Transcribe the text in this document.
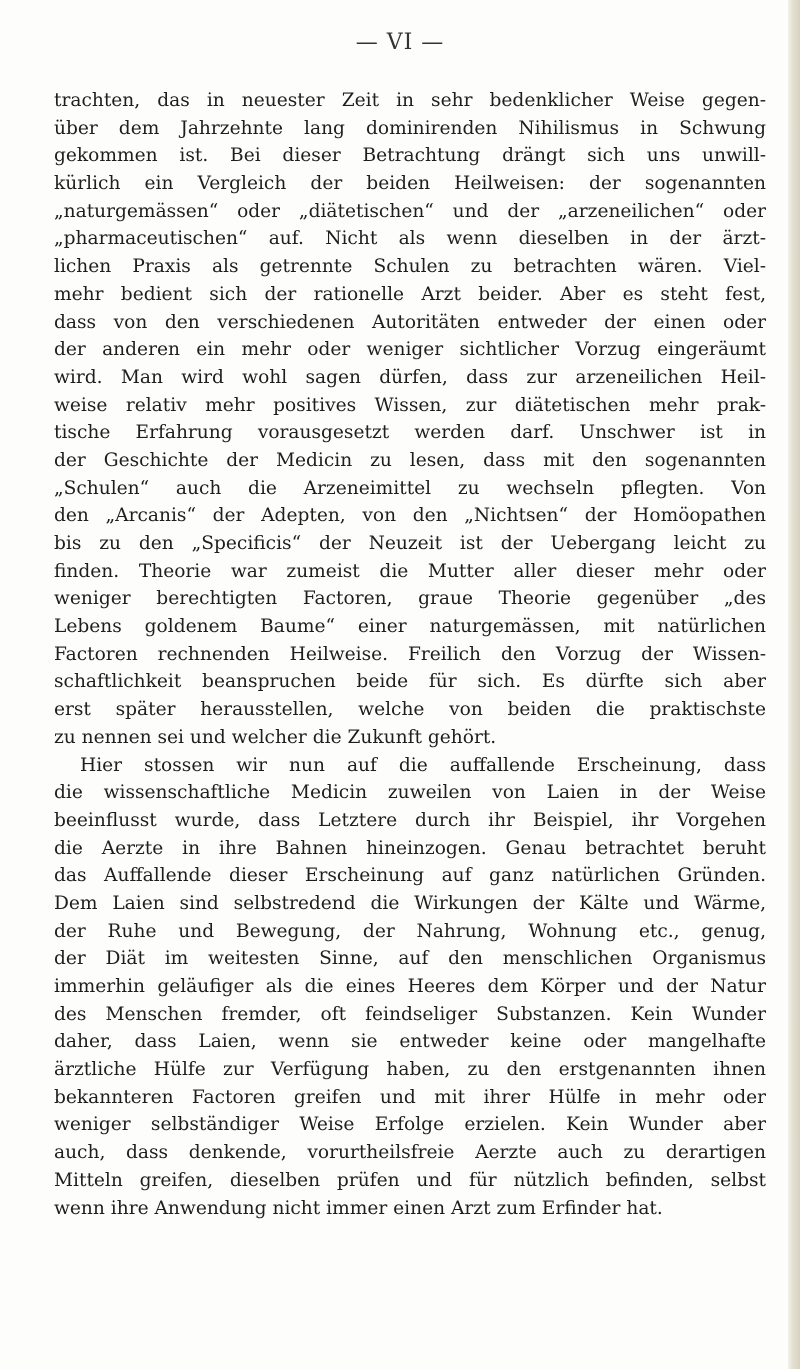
— VI —
trachten, das in neuester Zeit in sehr bedenklicher Weise gegen-
über dem Jahrzehnte lang dominirenden Nihilismus in Schwung
gekommen ist. Bei dieser Betrachtung drängt sich uns unwill-
kürlich ein Vergleich der beiden Heilweisen: der sogenannten
„naturgemässen“ oder „diätetischen“ und der „arzeneilichen“ oder
„pharmaceutischen“ auf. Nicht als wenn dieselben in der ärzt-
lichen Praxis als getrennte Schulen zu betrachten wären. Viel-
mehr bedient sich der rationelle Arzt beider. Aber es steht fest,
dass von den verschiedenen Autoritäten entweder der einen oder
der anderen ein mehr oder weniger sichtlicher Vorzug eingeräumt
wird. Man wird wohl sagen dürfen, dass zur arzeneilichen Heil-
weise relativ mehr positives Wissen, zur diätetischen mehr prak-
tische Erfahrung vorausgesetzt werden darf. Unschwer ist in
der Geschichte der Medicin zu lesen, dass mit den sogenannten
„Schulen“ auch die Arzeneimittel zu wechseln pflegten. Von
den „Arcanis“ der Adepten, von den „Nichtsen“ der Homöopathen
bis zu den „Specificis“ der Neuzeit ist der Uebergang leicht zu
finden. Theorie war zumeist die Mutter aller dieser mehr oder
weniger berechtigten Factoren, graue Theorie gegenüber „des
Lebens goldenem Baume“ einer naturgemässen, mit natürlichen
Factoren rechnenden Heilweise. Freilich den Vorzug der Wissen-
schaftlichkeit beanspruchen beide für sich. Es dürfte sich aber
erst später herausstellen, welche von beiden die praktischste
zu nennen sei und welcher die Zukunft gehört.
Hier stossen wir nun auf die auffallende Erscheinung, dass
die wissenschaftliche Medicin zuweilen von Laien in der Weise
beeinflusst wurde, dass Letztere durch ihr Beispiel, ihr Vorgehen
die Aerzte in ihre Bahnen hineinzogen. Genau betrachtet beruht
das Auffallende dieser Erscheinung auf ganz natürlichen Gründen.
Dem Laien sind selbstredend die Wirkungen der Kälte und Wärme,
der Ruhe und Bewegung, der Nahrung, Wohnung etc., genug,
der Diät im weitesten Sinne, auf den menschlichen Organismus
immerhin geläufiger als die eines Heeres dem Körper und der Natur
des Menschen fremder, oft feindseliger Substanzen. Kein Wunder
daher, dass Laien, wenn sie entweder keine oder mangelhafte
ärztliche Hülfe zur Verfügung haben, zu den erstgenannten ihnen
bekannteren Factoren greifen und mit ihrer Hülfe in mehr oder
weniger selbständiger Weise Erfolge erzielen. Kein Wunder aber
auch, dass denkende, vorurtheilsfreie Aerzte auch zu derartigen
Mitteln greifen, dieselben prüfen und für nützlich befinden, selbst
wenn ihre Anwendung nicht immer einen Arzt zum Erfinder hat.
